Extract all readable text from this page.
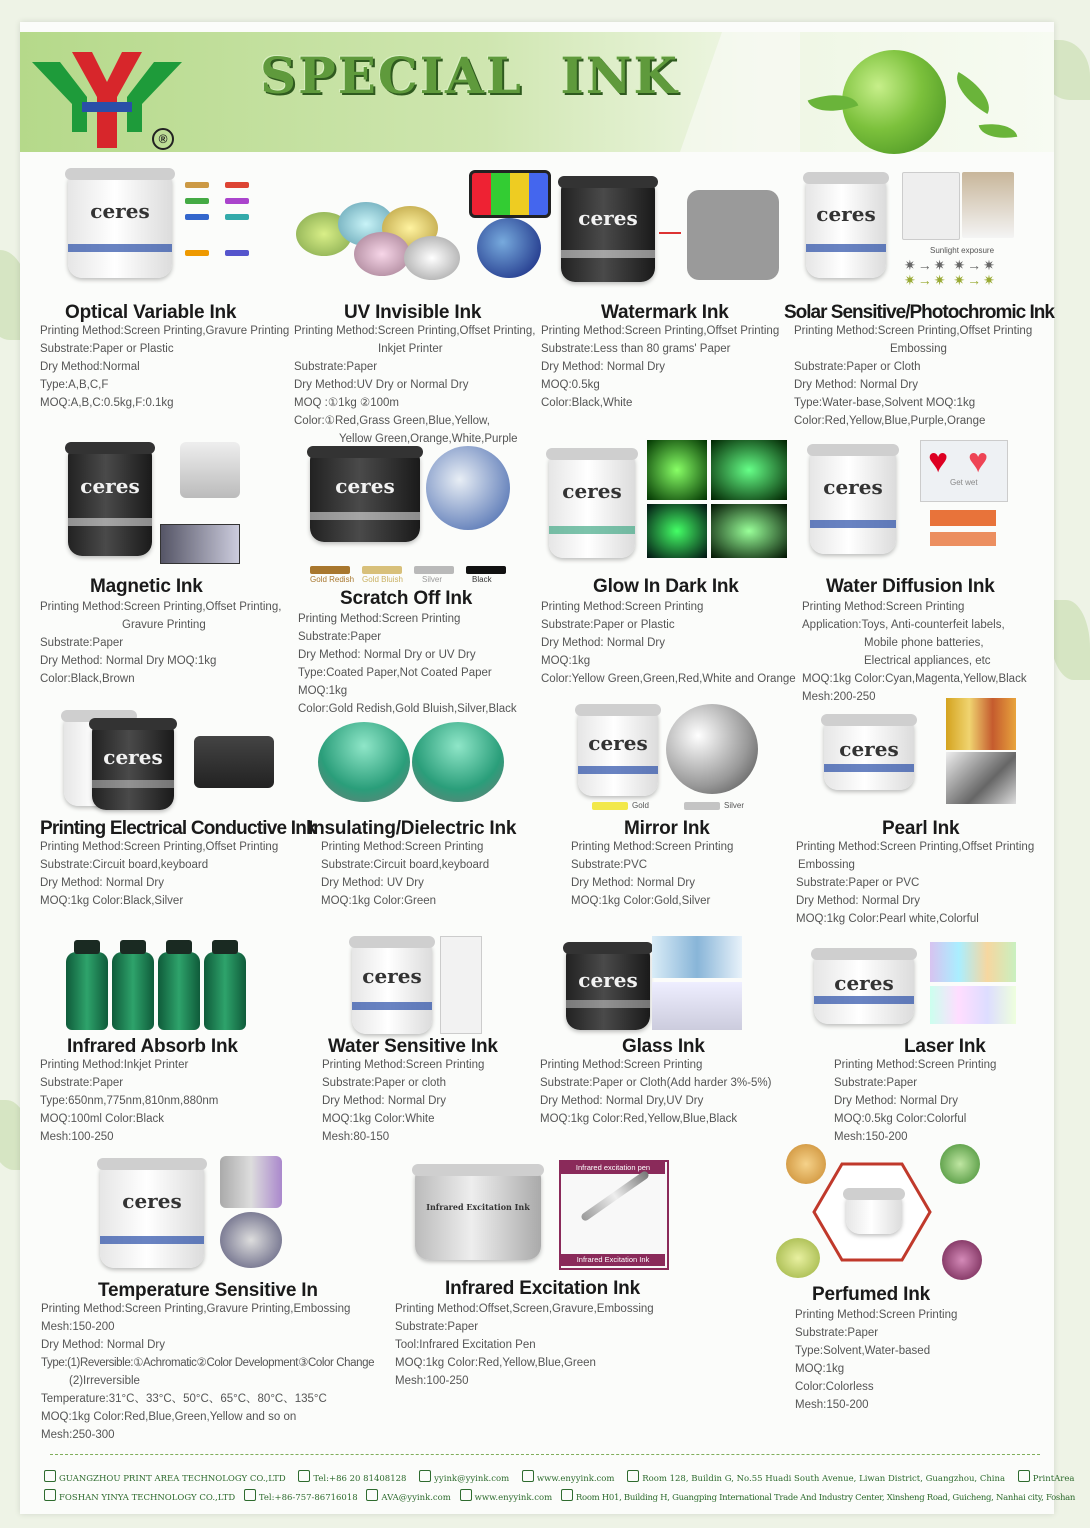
®
SPECIAL INK
ceres
Optical Variable Ink
Printing Method:Screen Printing,Gravure Printing
Substrate:Paper or Plastic
Dry Method:Normal
Type:A,B,C,F
MOQ:A,B,C:0.5kg,F:0.1kg
UV Invisible Ink
Printing Method:Screen Printing,Offset Printing,
Inkjet Printer
Substrate:Paper
Dry Method:UV Dry or Normal Dry
MOQ :①1kg ②100m
Color:①Red,Grass Green,Blue,Yellow,
Yellow Green,Orange,White,Purple
ceres
Watermark Ink
Printing Method:Screen Printing,Offset Printing
Substrate:Less than 80 grams' Paper
Dry Method: Normal Dry
MOQ:0.5kg
Color:Black,White
ceres
Sunlight exposure
✷→✷ ✷→✷
✷→✷ ✷→✷
Solar Sensitive/Photochromic Ink
Printing Method:Screen Printing,Offset Printing
Embossing
Substrate:Paper or Cloth
Dry Method: Normal Dry
Type:Water-base,Solvent MOQ:1kg
Color:Red,Yellow,Blue,Purple,Orange
ceres
Magnetic Ink
Printing Method:Screen Printing,Offset Printing,
Gravure Printing
Substrate:Paper
Dry Method: Normal Dry MOQ:1kg
Color:Black,Brown
ceres
Gold Redish Gold Bluish Silver	Black
Scratch Off Ink
Printing Method:Screen Printing
Substrate:Paper
Dry Method: Normal Dry or UV Dry
Type:Coated Paper,Not Coated Paper
MOQ:1kg
Color:Gold Redish,Gold Bluish,Silver,Black
ceres
Glow In Dark Ink
Printing Method:Screen Printing
Substrate:Paper or Plastic
Dry Method: Normal Dry
MOQ:1kg
Color:Yellow Green,Green,Red,White and Orange
ceres
♥ ♥
Get wet
Water Diffusion Ink
Printing Method:Screen Printing
Application:Toys, Anti-counterfeit labels,
Mobile phone batteries,
Electrical appliances, etc
MOQ:1kg Color:Cyan,Magenta,Yellow,Black
Mesh:200-250
ceres
Printing Electrical Conductive Ink
Printing Method:Screen Printing,Offset Printing
Substrate:Circuit board,keyboard
Dry Method: Normal Dry
MOQ:1kg Color:Black,Silver
Insulating/Dielectric Ink
Printing Method:Screen Printing
Substrate:Circuit board,keyboard
Dry Method: UV Dry
MOQ:1kg Color:Green
ceres
Gold	Silver
Mirror Ink
Printing Method:Screen Printing
Substrate:PVC
Dry Method: Normal Dry
MOQ:1kg Color:Gold,Silver
ceres
Pearl Ink
Printing Method:Screen Printing,Offset Printing
Embossing
Substrate:Paper or PVC
Dry Method: Normal Dry
MOQ:1kg Color:Pearl white,Colorful
Infrared Absorb Ink
Printing Method:Inkjet Printer
Substrate:Paper
Type:650nm,775nm,810nm,880nm
MOQ:100ml Color:Black
Mesh:100-250
ceres
Water Sensitive Ink
Printing Method:Screen Printing
Substrate:Paper or cloth
Dry Method: Normal Dry
MOQ:1kg Color:White
Mesh:80-150
ceres
Glass Ink
Printing Method:Screen Printing
Substrate:Paper or Cloth(Add harder 3%-5%)
Dry Method: Normal Dry,UV Dry
MOQ:1kg Color:Red,Yellow,Blue,Black
ceres
Laser Ink
Printing Method:Screen Printing
Substrate:Paper
Dry Method: Normal Dry
MOQ:0.5kg Color:Colorful
Mesh:150-200
ceres
Temperature Sensitive In
Printing Method:Screen Printing,Gravure Printing,Embossing
Mesh:150-200
Dry Method: Normal Dry
Type:(1)Reversible:①Achromatic②Color Development③Color Change
(2)Irreversible
Temperature:31°C、33°C、50°C、65°C、80°C、135°C
MOQ:1kg Color:Red,Blue,Green,Yellow and so on
Mesh:250-300
Infrared Excitation Ink
Infrared excitation pen
Infrared Excitation Ink
Infrared Excitation Ink
Printing Method:Offset,Screen,Gravure,Embossing
Substrate:Paper
Tool:Infrared Excitation Pen
MOQ:1kg Color:Red,Yellow,Blue,Green
Mesh:100-250
Perfumed Ink
Printing Method:Screen Printing
Substrate:Paper
Type:Solvent,Water-based
MOQ:1kg
Color:Colorless
Mesh:150-200
GUANGZHOU PRINT AREA TECHNOLOGY CO.,LTD	Tel:+86 20 81408128	yyink@yyink.com	www.enyyink.com	Room 128, Buildin G, No.55 Huadi South Avenue, Liwan District, Guangzhou, China	PrintArea
FOSHAN YINYA TECHNOLOGY CO.,LTD	Tel:+86-757-86716018	AVA@yyink.com	www.enyyink.com	Room H01, Building H, Guangping International Trade And Industry Center, Xinsheng Road, Guicheng, Nanhai city, Foshan
